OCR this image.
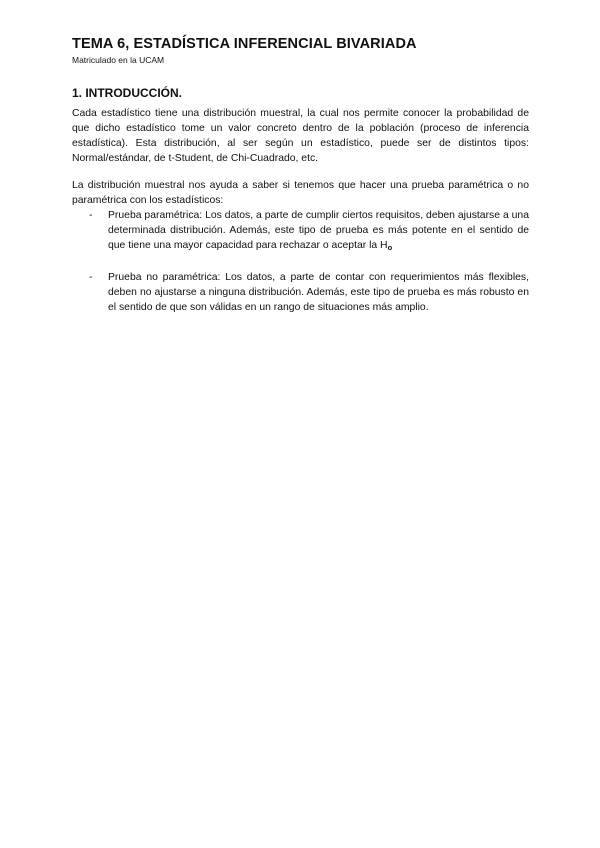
TEMA 6, ESTADÍSTICA INFERENCIAL BIVARIADA
Matriculado en la UCAM
1. INTRODUCCIÓN.

Cada estadístico tiene una distribución muestral, la cual nos permite conocer la probabilidad de que dicho estadístico tome un valor concreto dentro de la población (proceso de inferencia estadística). Esta distribución, al ser según un estadístico, puede ser de distintos tipos: Normal/estándar, de t-Student, de Chi-Cuadrado, etc.

La distribución muestral nos ayuda a saber si tenemos que hacer una prueba paramétrica o no paramétrica con los estadísticos:

- Prueba paramétrica: Los datos, a parte de cumplir ciertos requisitos, deben ajustarse a una determinada distribución. Además, este tipo de prueba es más potente en el sentido de que tiene una mayor capacidad para rechazar o aceptar la $H_o$
- Prueba no paramétrica: Los datos, a parte de contar con requerimientos más flexibles, deben no ajustarse a ninguna distribución. Además, este tipo de prueba es más robusto en el sentido de que son válidas en un rango de situaciones más amplio.
